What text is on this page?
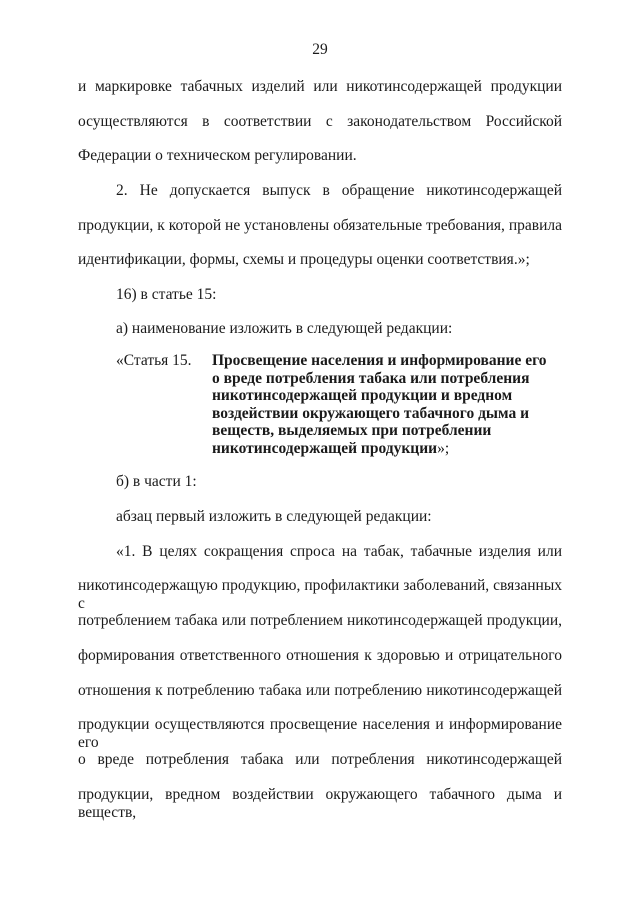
29
и маркировке табачных изделий или никотинсодержащей продукции
осуществляются в соответствии с законодательством Российской
Федерации о техническом регулировании.
2. Не допускается выпуск в обращение никотинсодержащей
продукции, к которой не установлены обязательные требования, правила
идентификации, формы, схемы и процедуры оценки соответствия.»;
16) в статье 15:
а) наименование изложить в следующей редакции:
«Статья 15. Просвещение населения и информирование его
о вреде потребления табака или потребления
никотинсодержащей продукции и вредном
воздействии окружающего табачного дыма и
веществ, выделяемых при потреблении
никотинсодержащей продукции»;
б) в части 1:
абзац первый изложить в следующей редакции:
«1. В целях сокращения спроса на табак, табачные изделия или
никотинсодержащую продукцию, профилактики заболеваний, связанных с
потреблением табака или потреблением никотинсодержащей продукции,
формирования ответственного отношения к здоровью и отрицательного
отношения к потреблению табака или потреблению никотинсодержащей
продукции осуществляются просвещение населения и информирование его
о вреде потребления табака или потребления никотинсодержащей
продукции, вредном воздействии окружающего табачного дыма и веществ,
